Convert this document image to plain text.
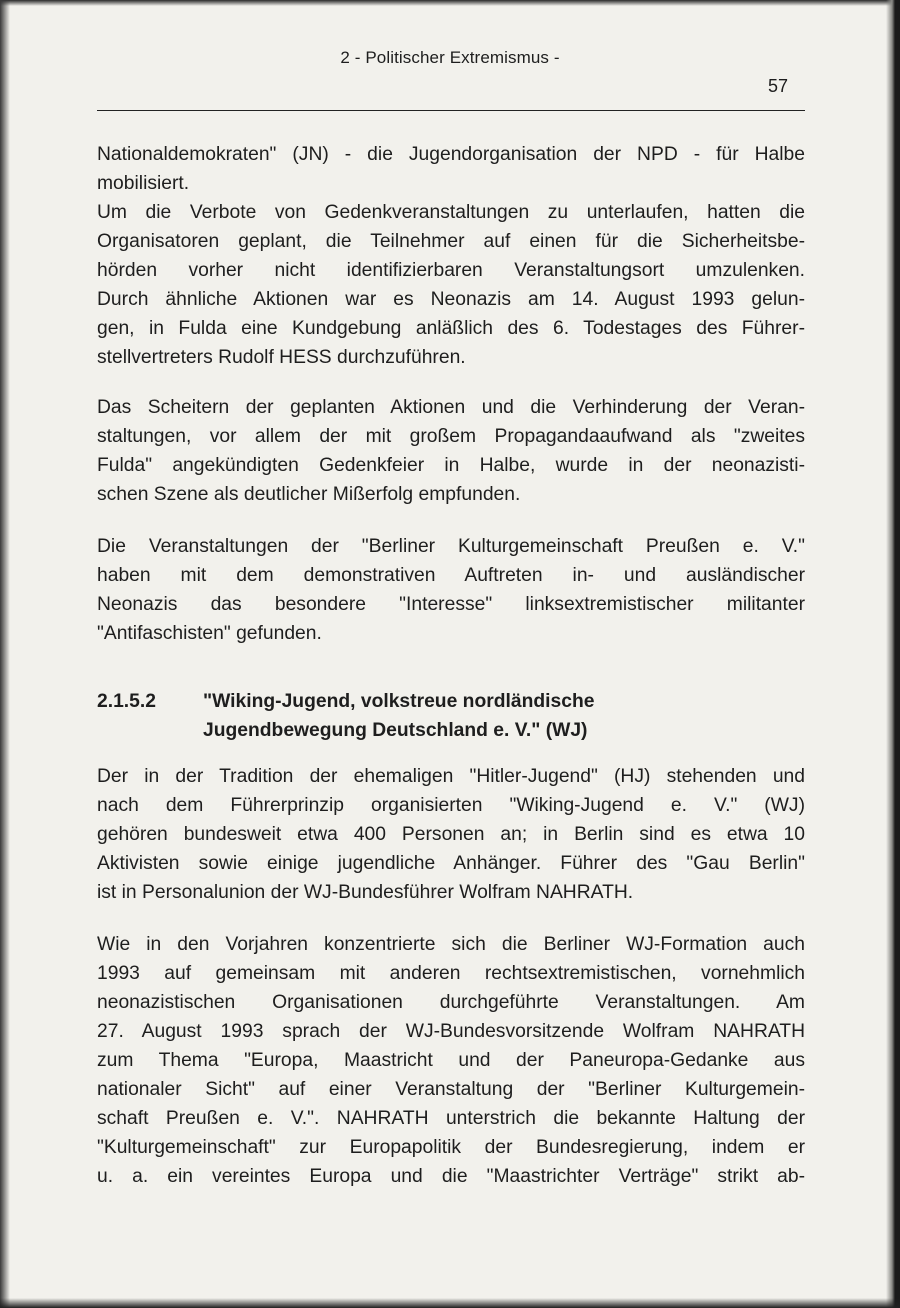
2 - Politischer Extremismus -
57
Nationaldemokraten" (JN) - die Jugendorganisation der NPD - für Halbe
mobilisiert.
Um die Verbote von Gedenkveranstaltungen zu unterlaufen, hatten die
Organisatoren geplant, die Teilnehmer auf einen für die Sicherheitsbe-
hörden vorher nicht identifizierbaren Veranstaltungsort umzulenken.
Durch ähnliche Aktionen war es Neonazis am 14. August 1993 gelun-
gen, in Fulda eine Kundgebung anläßlich des 6. Todestages des Führer-
stellvertreters Rudolf HESS durchzuführen.
Das Scheitern der geplanten Aktionen und die Verhinderung der Veran-
staltungen, vor allem der mit großem Propagandaaufwand als "zweites
Fulda" angekündigten Gedenkfeier in Halbe, wurde in der neonazisti-
schen Szene als deutlicher Mißerfolg empfunden.
Die Veranstaltungen der "Berliner Kulturgemeinschaft Preußen e. V."
haben mit dem demonstrativen Auftreten in- und ausländischer
Neonazis das besondere "Interesse" linksextremistischer militanter
"Antifaschisten" gefunden.
2.1.5.2 "Wiking-Jugend, volkstreue nordländische
Jugendbewegung Deutschland e. V." (WJ)
Der in der Tradition der ehemaligen "Hitler-Jugend" (HJ) stehenden und
nach dem Führerprinzip organisierten "Wiking-Jugend e. V." (WJ)
gehören bundesweit etwa 400 Personen an; in Berlin sind es etwa 10
Aktivisten sowie einige jugendliche Anhänger. Führer des "Gau Berlin"
ist in Personalunion der WJ-Bundesführer Wolfram NAHRATH.
Wie in den Vorjahren konzentrierte sich die Berliner WJ-Formation auch
1993 auf gemeinsam mit anderen rechtsextremistischen, vornehmlich
neonazistischen Organisationen durchgeführte Veranstaltungen. Am
27. August 1993 sprach der WJ-Bundesvorsitzende Wolfram NAHRATH
zum Thema "Europa, Maastricht und der Paneuropa-Gedanke aus
nationaler Sicht" auf einer Veranstaltung der "Berliner Kulturgemein-
schaft Preußen e. V.". NAHRATH unterstrich die bekannte Haltung der
"Kulturgemeinschaft" zur Europapolitik der Bundesregierung, indem er
u. a. ein vereintes Europa und die "Maastrichter Verträge" strikt ab-
